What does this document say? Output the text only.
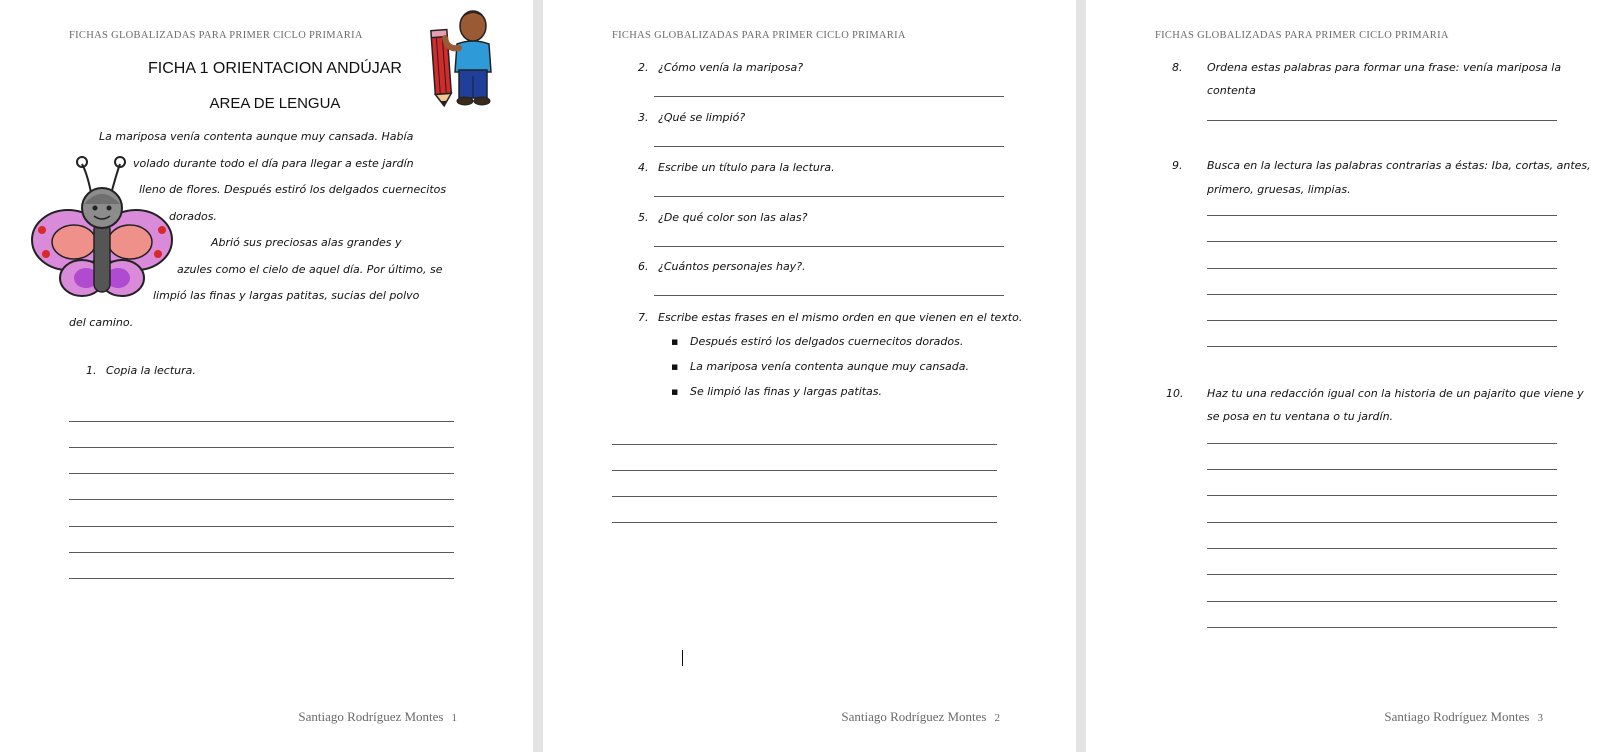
FICHAS GLOBALIZADAS PARA PRIMER CICLO PRIMARIA
FICHA 1 ORIENTACION ANDÚJAR
AREA DE LENGUA
La mariposa venía contenta aunque muy cansada. Había
volado durante todo el día para llegar a este jardín
lleno de flores. Después estiró los delgados cuernecitos
dorados.
Abrió sus preciosas alas grandes y
azules como el cielo de aquel día. Por último, se
limpió las finas y largas patitas, sucias del polvo
del camino.
1. Copia la lectura.
Santiago Rodríguez Montes 1
FICHAS GLOBALIZADAS PARA PRIMER CICLO PRIMARIA
2. ¿Cómo venía la mariposa?
3. ¿Qué se limpió?
4. Escribe un título para la lectura.
5. ¿De qué color son las alas?
6. ¿Cuántos personajes hay?.
7. Escribe estas frases en el mismo orden en que vienen en el texto.
▪ Después estiró los delgados cuernecitos dorados.
▪ La mariposa venía contenta aunque muy cansada.
▪ Se limpió las finas y largas patitas.
Santiago Rodríguez Montes 2
FICHAS GLOBALIZADAS PARA PRIMER CICLO PRIMARIA
8. Ordena estas palabras para formar una frase: venía mariposa la
contenta
9. Busca en la lectura las palabras contrarias a éstas: Iba, cortas, antes,
primero, gruesas, limpias.
10. Haz tu una redacción igual con la historia de un pajarito que viene y
se posa en tu ventana o tu jardín.
Santiago Rodríguez Montes 3
